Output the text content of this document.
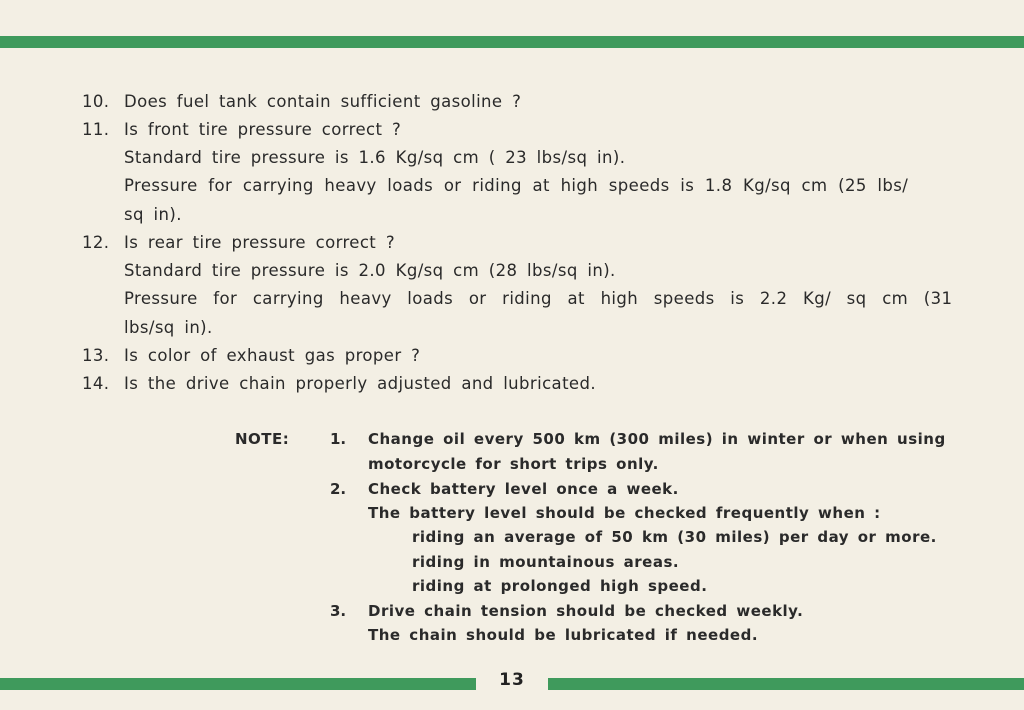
10. Does fuel tank contain sufficient gasoline ?
11. Is front tire pressure correct ?
Standard tire pressure is 1.6 Kg/sq cm ( 23 lbs/sq in).
Pressure for carrying heavy loads or riding at high speeds is 1.8 Kg/sq cm (25 lbs/
sq in).
12. Is rear tire pressure correct ?
Standard tire pressure is 2.0 Kg/sq cm (28 lbs/sq in).
Pressure for carrying heavy loads or riding at high speeds is 2.2 Kg/ sq cm (31
lbs/sq in).
13. Is color of exhaust gas proper ?
14. Is the drive chain properly adjusted and lubricated.
NOTE:	1. Change oil every 500 km (300 miles) in winter or when using
motorcycle for short trips only.
2. Check battery level once a week.
The battery level should be checked frequently when :
riding an average of 50 km (30 miles) per day or more.
riding in mountainous areas.
riding at prolonged high speed.
3. Drive chain tension should be checked weekly.
The chain should be lubricated if needed.
13
